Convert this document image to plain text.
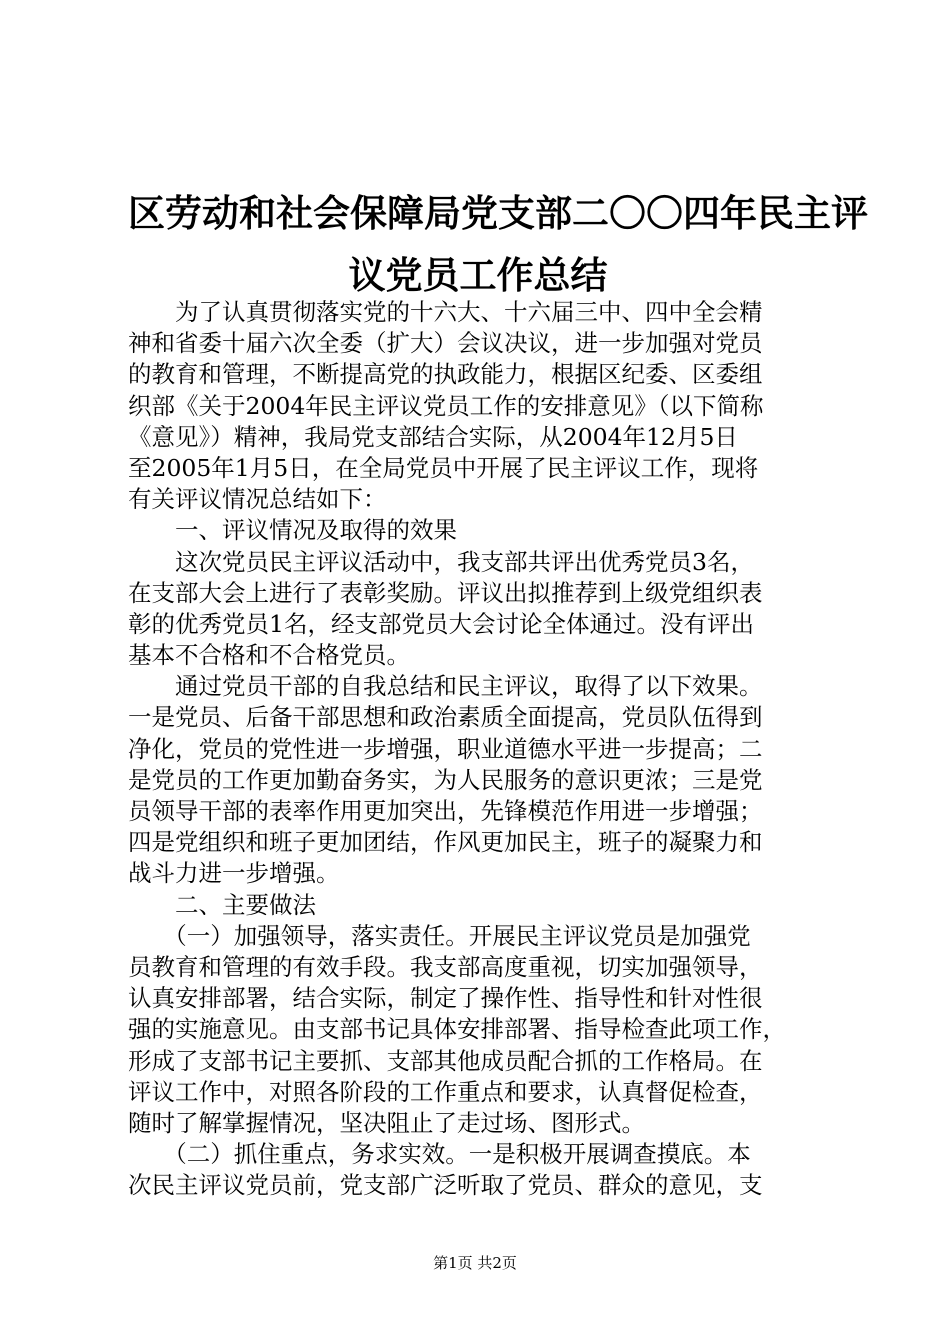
区劳动和社会保障局党支部二〇〇四年民主评
议党员工作总结
　　为了认真贯彻落实党的十六大、十六届三中、四中全会精
神和省委十届六次全委（扩大）会议决议，进一步加强对党员
的教育和管理，不断提高党的执政能力，根据区纪委、区委组
织部《关于2004年民主评议党员工作的安排意见》（以下简称
《意见》）精神，我局党支部结合实际，从2004年12月5日
至2005年1月5日，在全局党员中开展了民主评议工作，现将
有关评议情况总结如下：
　　一、评议情况及取得的效果
　　这次党员民主评议活动中，我支部共评出优秀党员3名，
在支部大会上进行了表彰奖励。评议出拟推荐到上级党组织表
彰的优秀党员1名，经支部党员大会讨论全体通过。没有评出
基本不合格和不合格党员。
　　通过党员干部的自我总结和民主评议，取得了以下效果。
一是党员、后备干部思想和政治素质全面提高，党员队伍得到
净化，党员的党性进一步增强，职业道德水平进一步提高；二
是党员的工作更加勤奋务实，为人民服务的意识更浓；三是党
员领导干部的表率作用更加突出，先锋模范作用进一步增强；
四是党组织和班子更加团结，作风更加民主，班子的凝聚力和
战斗力进一步增强。
　　二、主要做法
　　（一）加强领导，落实责任。开展民主评议党员是加强党
员教育和管理的有效手段。我支部高度重视，切实加强领导，
认真安排部署，结合实际，制定了操作性、指导性和针对性很
强的实施意见。由支部书记具体安排部署、指导检查此项工作，
形成了支部书记主要抓、支部其他成员配合抓的工作格局。在
评议工作中，对照各阶段的工作重点和要求，认真督促检查，
随时了解掌握情况，坚决阻止了走过场、图形式。
　　（二）抓住重点，务求实效。一是积极开展调查摸底。本
次民主评议党员前，党支部广泛听取了党员、群众的意见，支
第1页 共2页
